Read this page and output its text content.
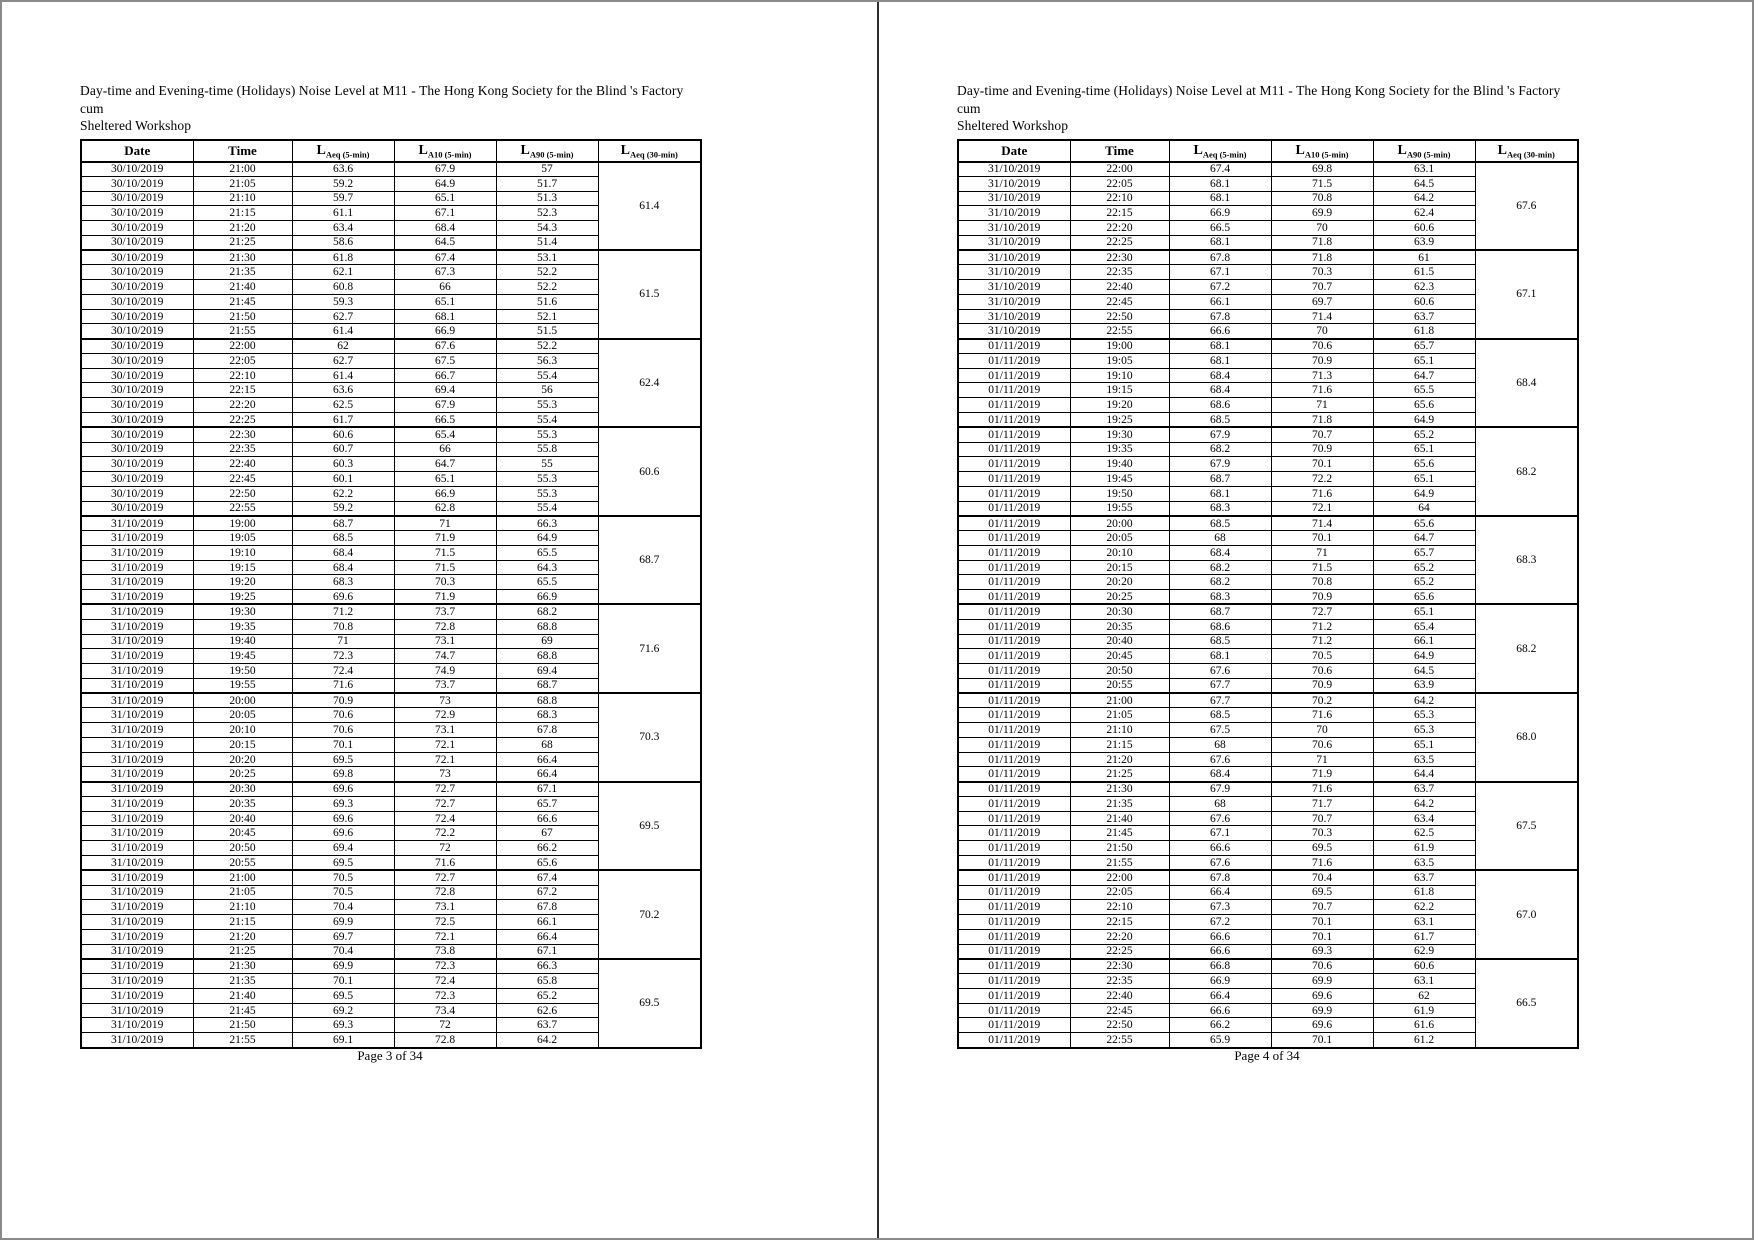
Day-time and Evening-time (Holidays) Noise Level at M11 - The Hong Kong Society for the Blind 's Factory cum
Sheltered Workshop

Date	Time	$L_{Aeq (5-min)}$	$L_{A10 (5-min)}$	$L_{A90 (5-min)}$	$L_{Aeq (30-min)}$
30/10/2019	21:00	63.6	67.9	57	61.4
30/10/2019	21:05	59.2	64.9	51.7	
30/10/2019	21:10	59.7	65.1	51.3	
30/10/2019	21:15	61.1	67.1	52.3	
30/10/2019	21:20	63.4	68.4	54.3	
30/10/2019	21:25	58.6	64.5	51.4	
30/10/2019	21:30	61.8	67.4	53.1	61.5
30/10/2019	21:35	62.1	67.3	52.2	
30/10/2019	21:40	60.8	66	52.2	
30/10/2019	21:45	59.3	65.1	51.6	
30/10/2019	21:50	62.7	68.1	52.1	
30/10/2019	21:55	61.4	66.9	51.5	
30/10/2019	22:00	62	67.6	52.2	62.4
30/10/2019	22:05	62.7	67.5	56.3	
30/10/2019	22:10	61.4	66.7	55.4	
30/10/2019	22:15	63.6	69.4	56	
30/10/2019	22:20	62.5	67.9	55.3	
30/10/2019	22:25	61.7	66.5	55.4	
30/10/2019	22:30	60.6	65.4	55.3	60.6
30/10/2019	22:35	60.7	66	55.8	
30/10/2019	22:40	60.3	64.7	55	
30/10/2019	22:45	60.1	65.1	55.3	
30/10/2019	22:50	62.2	66.9	55.3	
30/10/2019	22:55	59.2	62.8	55.4	
31/10/2019	19:00	68.7	71	66.3	68.7
31/10/2019	19:05	68.5	71.9	64.9	
31/10/2019	19:10	68.4	71.5	65.5	
31/10/2019	19:15	68.4	71.5	64.3	
31/10/2019	19:20	68.3	70.3	65.5	
31/10/2019	19:25	69.6	71.9	66.9	
31/10/2019	19:30	71.2	73.7	68.2	71.6
31/10/2019	19:35	70.8	72.8	68.8	
31/10/2019	19:40	71	73.1	69	
31/10/2019	19:45	72.3	74.7	68.8	
31/10/2019	19:50	72.4	74.9	69.4	
31/10/2019	19:55	71.6	73.7	68.7	
31/10/2019	20:00	70.9	73	68.8	70.3
31/10/2019	20:05	70.6	72.9	68.3	
31/10/2019	20:10	70.6	73.1	67.8	
31/10/2019	20:15	70.1	72.1	68	
31/10/2019	20:20	69.5	72.1	66.4	
31/10/2019	20:25	69.8	73	66.4	
31/10/2019	20:30	69.6	72.7	67.1	69.5
31/10/2019	20:35	69.3	72.7	65.7	
31/10/2019	20:40	69.6	72.4	66.6	
31/10/2019	20:45	69.6	72.2	67	
31/10/2019	20:50	69.4	72	66.2	
31/10/2019	20:55	69.5	71.6	65.6	
31/10/2019	21:00	70.5	72.7	67.4	70.2
31/10/2019	21:05	70.5	72.8	67.2	
31/10/2019	21:10	70.4	73.1	67.8	
31/10/2019	21:15	69.9	72.5	66.1	
31/10/2019	21:20	69.7	72.1	66.4	
31/10/2019	21:25	70.4	73.8	67.1	
31/10/2019	21:30	69.9	72.3	66.3	69.5
31/10/2019	21:35	70.1	72.4	65.8	
31/10/2019	21:40	69.5	72.3	65.2	
31/10/2019	21:45	69.2	73.4	62.6	
31/10/2019	21:50	69.3	72	63.7	
31/10/2019	21:55	69.1	72.8	64.2	
Page 3 of 34

Day-time and Evening-time (Holidays) Noise Level at M11 - The Hong Kong Society for the Blind 's Factory cum
Sheltered Workshop

Date	Time	$L_{Aeq (5-min)}$	$L_{A10 (5-min)}$	$L_{A90 (5-min)}$	$L_{Aeq (30-min)}$
31/10/2019	22:00	67.4	69.8	63.1	67.6
31/10/2019	22:05	68.1	71.5	64.5	
31/10/2019	22:10	68.1	70.8	64.2	
31/10/2019	22:15	66.9	69.9	62.4	
31/10/2019	22:20	66.5	70	60.6	
31/10/2019	22:25	68.1	71.8	63.9	
31/10/2019	22:30	67.8	71.8	61	67.1
31/10/2019	22:35	67.1	70.3	61.5	
31/10/2019	22:40	67.2	70.7	62.3	
31/10/2019	22:45	66.1	69.7	60.6	
31/10/2019	22:50	67.8	71.4	63.7	
31/10/2019	22:55	66.6	70	61.8	
01/11/2019	19:00	68.1	70.6	65.7	68.4
01/11/2019	19:05	68.1	70.9	65.1	
01/11/2019	19:10	68.4	71.3	64.7	
01/11/2019	19:15	68.4	71.6	65.5	
01/11/2019	19:20	68.6	71	65.6	
01/11/2019	19:25	68.5	71.8	64.9	
01/11/2019	19:30	67.9	70.7	65.2	68.2
01/11/2019	19:35	68.2	70.9	65.1	
01/11/2019	19:40	67.9	70.1	65.6	
01/11/2019	19:45	68.7	72.2	65.1	
01/11/2019	19:50	68.1	71.6	64.9	
01/11/2019	19:55	68.3	72.1	64	
01/11/2019	20:00	68.5	71.4	65.6	68.3
01/11/2019	20:05	68	70.1	64.7	
01/11/2019	20:10	68.4	71	65.7	
01/11/2019	20:15	68.2	71.5	65.2	
01/11/2019	20:20	68.2	70.8	65.2	
01/11/2019	20:25	68.3	70.9	65.6	
01/11/2019	20:30	68.7	72.7	65.1	68.2
01/11/2019	20:35	68.6	71.2	65.4	
01/11/2019	20:40	68.5	71.2	66.1	
01/11/2019	20:45	68.1	70.5	64.9	
01/11/2019	20:50	67.6	70.6	64.5	
01/11/2019	20:55	67.7	70.9	63.9	
01/11/2019	21:00	67.7	70.2	64.2	68.0
01/11/2019	21:05	68.5	71.6	65.3	
01/11/2019	21:10	67.5	70	65.3	
01/11/2019	21:15	68	70.6	65.1	
01/11/2019	21:20	67.6	71	63.5	
01/11/2019	21:25	68.4	71.9	64.4	
01/11/2019	21:30	67.9	71.6	63.7	67.5
01/11/2019	21:35	68	71.7	64.2	
01/11/2019	21:40	67.6	70.7	63.4	
01/11/2019	21:45	67.1	70.3	62.5	
01/11/2019	21:50	66.6	69.5	61.9	
01/11/2019	21:55	67.6	71.6	63.5	
01/11/2019	22:00	67.8	70.4	63.7	67.0
01/11/2019	22:05	66.4	69.5	61.8	
01/11/2019	22:10	67.3	70.7	62.2	
01/11/2019	22:15	67.2	70.1	63.1	
01/11/2019	22:20	66.6	70.1	61.7	
01/11/2019	22:25	66.6	69.3	62.9	
01/11/2019	22:30	66.8	70.6	60.6	66.5
01/11/2019	22:35	66.9	69.9	63.1	
01/11/2019	22:40	66.4	69.6	62	
01/11/2019	22:45	66.6	69.9	61.9	
01/11/2019	22:50	66.2	69.6	61.6	
01/11/2019	22:55	65.9	70.1	61.2	
Page 4 of 34
